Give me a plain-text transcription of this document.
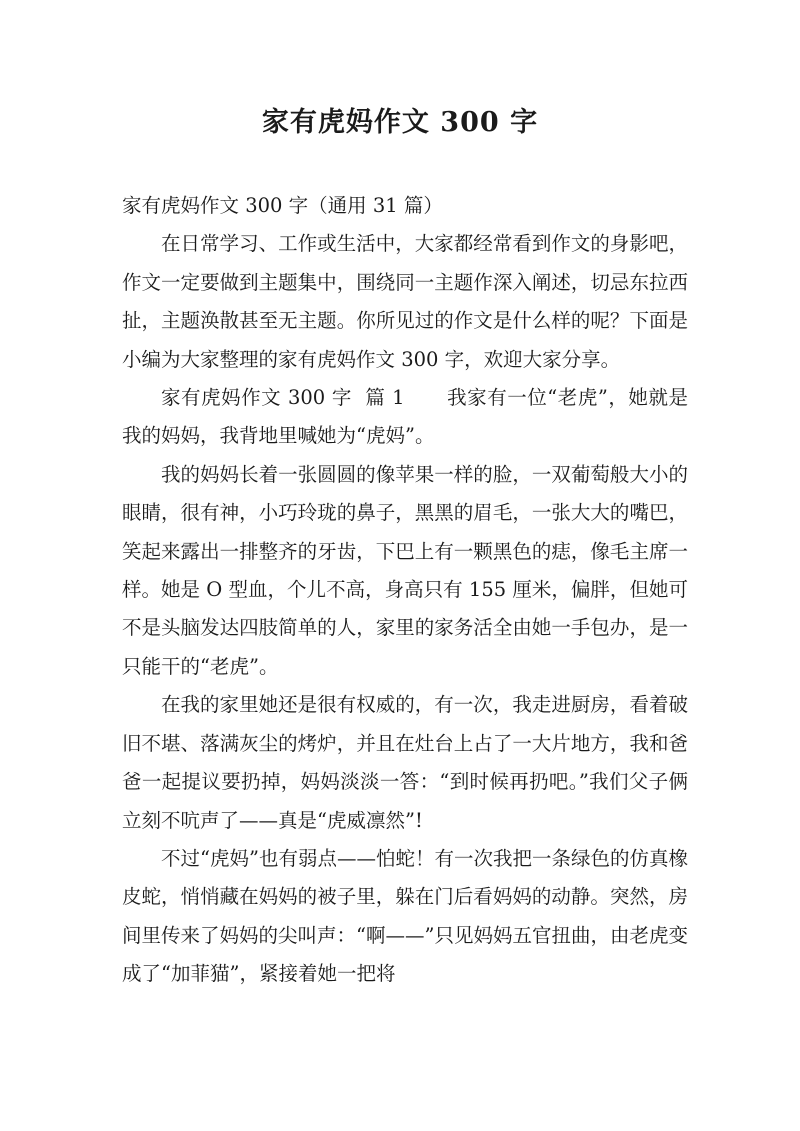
家有虎妈作文 300 字

家有虎妈作文 300 字（通用 31 篇）

在日常学习、工作或生活中，大家都经常看到作文的身影吧，作文一定要做到主题集中，围绕同一主题作深入阐述，切忌东拉西扯，主题涣散甚至无主题。你所见过的作文是什么样的呢？下面是小编为大家整理的家有虎妈作文 300 字，欢迎大家分享。

家有虎妈作文 300 字  篇 1 我家有一位“老虎”，她就是我的妈妈，我背地里喊她为“虎妈”。

我的妈妈长着一张圆圆的像苹果一样的脸，一双葡萄般大小的眼睛，很有神，小巧玲珑的鼻子，黑黑的眉毛，一张大大的嘴巴，笑起来露出一排整齐的牙齿，下巴上有一颗黑色的痣，像毛主席一样。她是 O 型血，个儿不高，身高只有 155 厘米，偏胖，但她可不是头脑发达四肢简单的人，家里的家务活全由她一手包办，是一只能干的“老虎”。

在我的家里她还是很有权威的，有一次，我走进厨房，看着破旧不堪、落满灰尘的烤炉，并且在灶台上占了一大片地方，我和爸爸一起提议要扔掉，妈妈淡淡一答：“到时候再扔吧。”我们父子俩立刻不吭声了——真是“虎威凛然”!

不过“虎妈”也有弱点——怕蛇！有一次我把一条绿色的仿真橡皮蛇，悄悄藏在妈妈的被子里，躲在门后看妈妈的动静。突然，房间里传来了妈妈的尖叫声：“啊——”只见妈妈五官扭曲，由老虎变成了“加菲猫”，紧接着她一把将
